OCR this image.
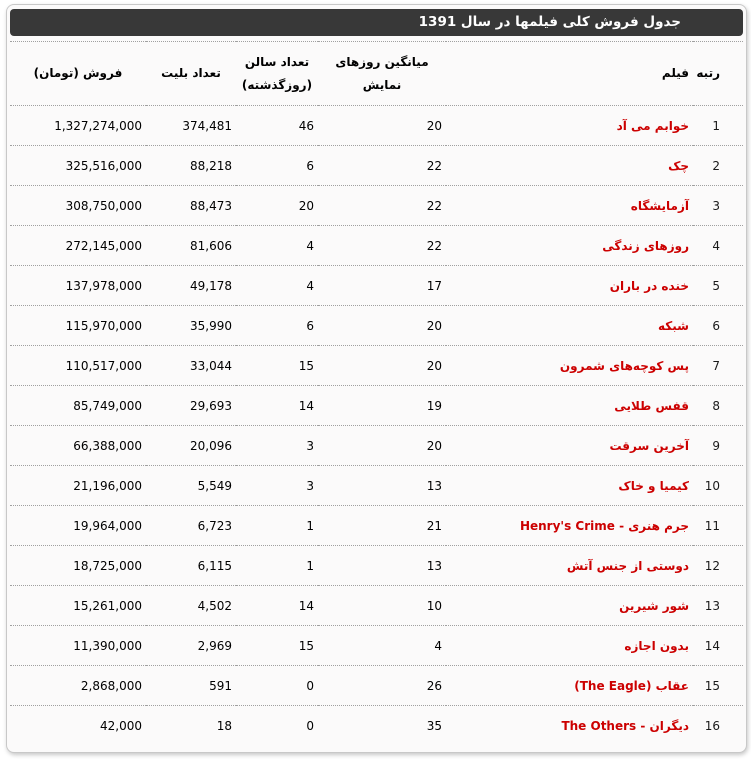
جدول فروش کلی فیلمها در سال 1391
رتبه	فیلم	میانگین روزهای نمایش	تعداد سالن (روزگذشته)	تعداد بلیت	فروش (تومان)
1	خوابم می آد	20	46	374,481	1,327,274,000
2	چک	22	6	88,218	325,516,000
3	آزمایشگاه	22	20	88,473	308,750,000
4	روزهای زندگی	22	4	81,606	272,145,000
5	خنده در باران	17	4	49,178	137,978,000
6	شبکه	20	6	35,990	115,970,000
7	پس کوچه‌های شمرون	20	15	33,044	110,517,000
8	قفس طلایی	19	14	29,693	85,749,000
9	آخرین سرقت	20	3	20,096	66,388,000
10	کیمیا و خاک	13	3	5,549	21,196,000
11	جرم هنری - Henry's Crime	21	1	6,723	19,964,000
12	دوستی از جنس آتش	13	1	6,115	18,725,000
13	شور شیرین	10	14	4,502	15,261,000
14	بدون اجازه	4	15	2,969	11,390,000
15	عقاب (The Eagle)	26	0	591	2,868,000
16	دیگران - The Others	35	0	18	42,000
